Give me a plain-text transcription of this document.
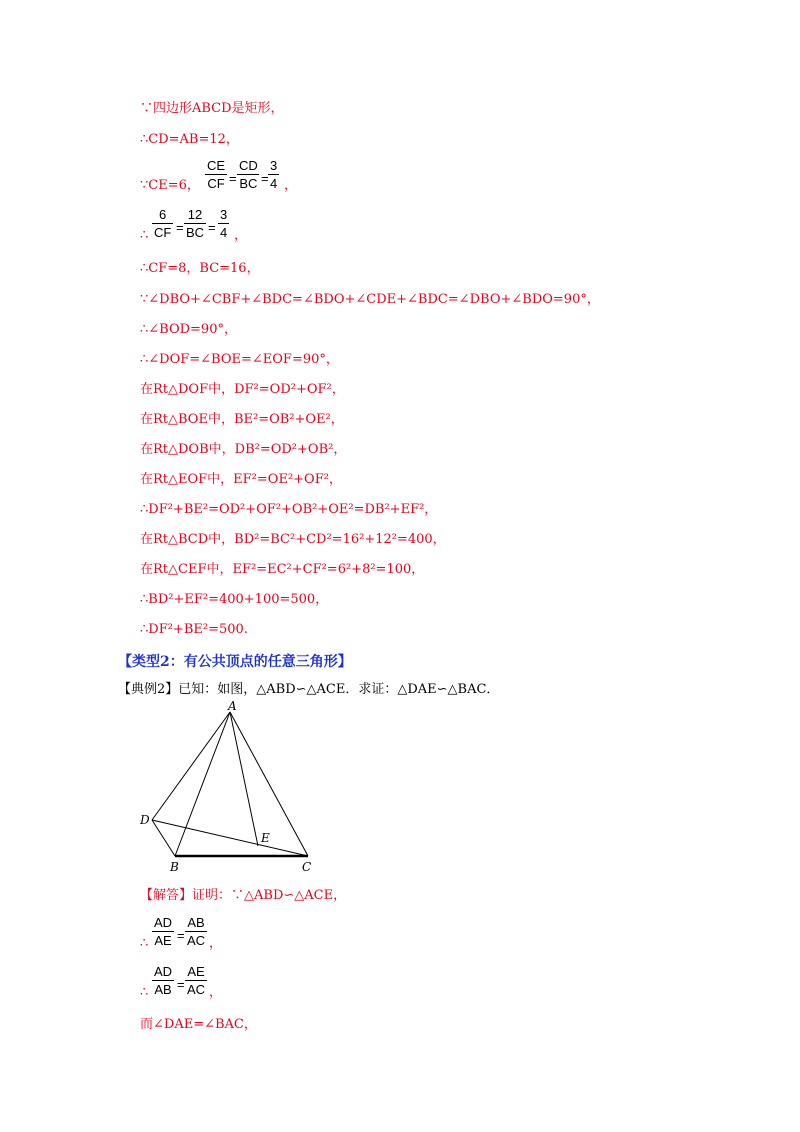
∵四边形ABCD是矩形，
∴CD=AB=12，
∵CE=6， $\frac{CE}{CF} = \frac{CD}{BC} = \frac{3}{4}$ ，
∴ $\frac{6}{CF} = \frac{12}{BC} = \frac{3}{4}$ ，
∴CF=8，BC=16，
∵∠DBO+∠CBF+∠BDC=∠BDO+∠CDE+∠BDC=∠DBO+∠BDO=90°，
∴∠BOD=90°，
∴∠DOF=∠BOE=∠EOF=90°，
在Rt△DOF中，DF²=OD²+OF²，
在Rt△BOE中，BE²=OB²+OE²，
在Rt△DOB中，DB²=OD²+OB²，
在Rt△EOF中，EF²=OE²+OF²，
∴DF²+BE²=OD²+OF²+OB²+OE²=DB²+EF²，
在Rt△BCD中，BD²=BC²+CD²=16²+12²=400，
在Rt△CEF中，EF²=EC²+CF²=6²+8²=100，
∴BD²+EF²=400+100=500，
∴DF²+BE²=500.
【类型2：有公共顶点的任意三角形】
【典例2】已知：如图，△ABD∽△ACE．求证：△DAE∽△BAC．
A
D
E
B	C
【解答】证明：∵△ABD∽△ACE，
∴ $\frac{AD}{AE} = \frac{AB}{AC}$ ，
∴ $\frac{AD}{AB} = \frac{AE}{AC}$ ，
而∠DAE=∠BAC，
